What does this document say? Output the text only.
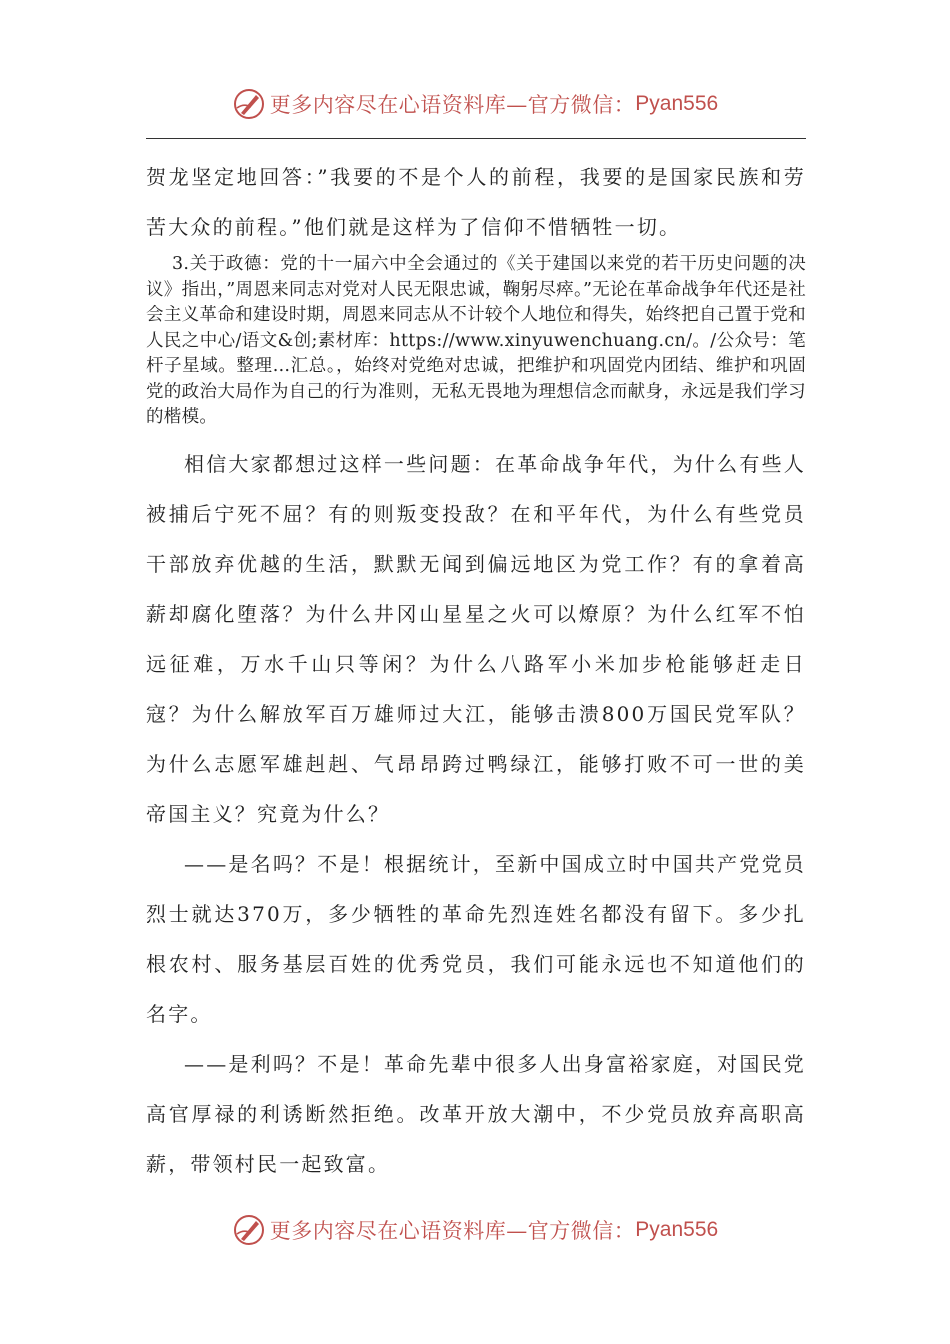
更多内容尽在心语资料库—官方微信： Pyan556

贺龙坚定地回答：”我要的不是个人的前程，我要的是国家民族和劳苦大众的前程。”他们就是这样为了信仰不惜牺牲一切。

3.关于政德：党的十一届六中全会通过的《关于建国以来党的若干历史问题的决议》指出，”周恩来同志对党对人民无限忠诚，鞠躬尽瘁。”无论在革命战争年代还是社会主义革命和建设时期，周恩来同志从不计较个人地位和得失，始终把自己置于党和人民之中心/语文&创;素材库：https://www.xinyuwenchuang.cn/。/公众号：笔杆子星域。整理…汇总。，始终对党绝对忠诚，把维护和巩固党内团结、维护和巩固党的政治大局作为自己的行为准则，无私无畏地为理想信念而献身，永远是我们学习的楷模。

相信大家都想过这样一些问题：在革命战争年代，为什么有些人被捕后宁死不屈？有的则叛变投敌？在和平年代，为什么有些党员干部放弃优越的生活，默默无闻到偏远地区为党工作？有的拿着高薪却腐化堕落？为什么井冈山星星之火可以燎原？为什么红军不怕远征难，万水千山只等闲？为什么八路军小米加步枪能够赶走日寇？为什么解放军百万雄师过大江，能够击溃800万国民党军队？为什么志愿军雄赳赳、气昂昂跨过鸭绿江，能够打败不可一世的美帝国主义？究竟为什么？

——是名吗？不是！根据统计，至新中国成立时中国共产党党员烈士就达370万，多少牺牲的革命先烈连姓名都没有留下。多少扎根农村、服务基层百姓的优秀党员，我们可能永远也不知道他们的名字。

——是利吗？不是！革命先辈中很多人出身富裕家庭，对国民党高官厚禄的利诱断然拒绝。改革开放大潮中，不少党员放弃高职高薪，带领村民一起致富。

更多内容尽在心语资料库—官方微信： Pyan556
